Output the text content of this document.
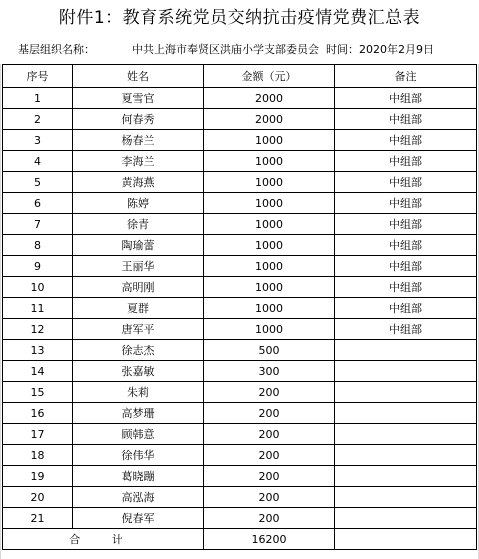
附件1：教育系统党员交纳抗击疫情党费汇总表
基层组织名称：	中共上海市奉贤区洪庙小学支部委员会 时间：2020年2月9日
序号	姓名	金额（元）	备注
1	夏雪官	2000	中组部
2	何春秀	2000	中组部
3	杨春兰	1000	中组部
4	李海兰	1000	中组部
5	黄海燕	1000	中组部
6	陈婷	1000	中组部
7	徐青	1000	中组部
8	陶瑜蕾	1000	中组部
9	王丽华	1000	中组部
10	高明刚	1000	中组部
11	夏群	1000	中组部
12	唐军平	1000	中组部
13	徐志杰	500	
14	张嘉敏	300	
15	朱莉	200	
16	高梦珊	200	
17	顾韩意	200	
18	徐伟华	200	
19	葛晓蹦	200	
20	高泓海	200	
21	倪春军	200	
合 计		16200	
